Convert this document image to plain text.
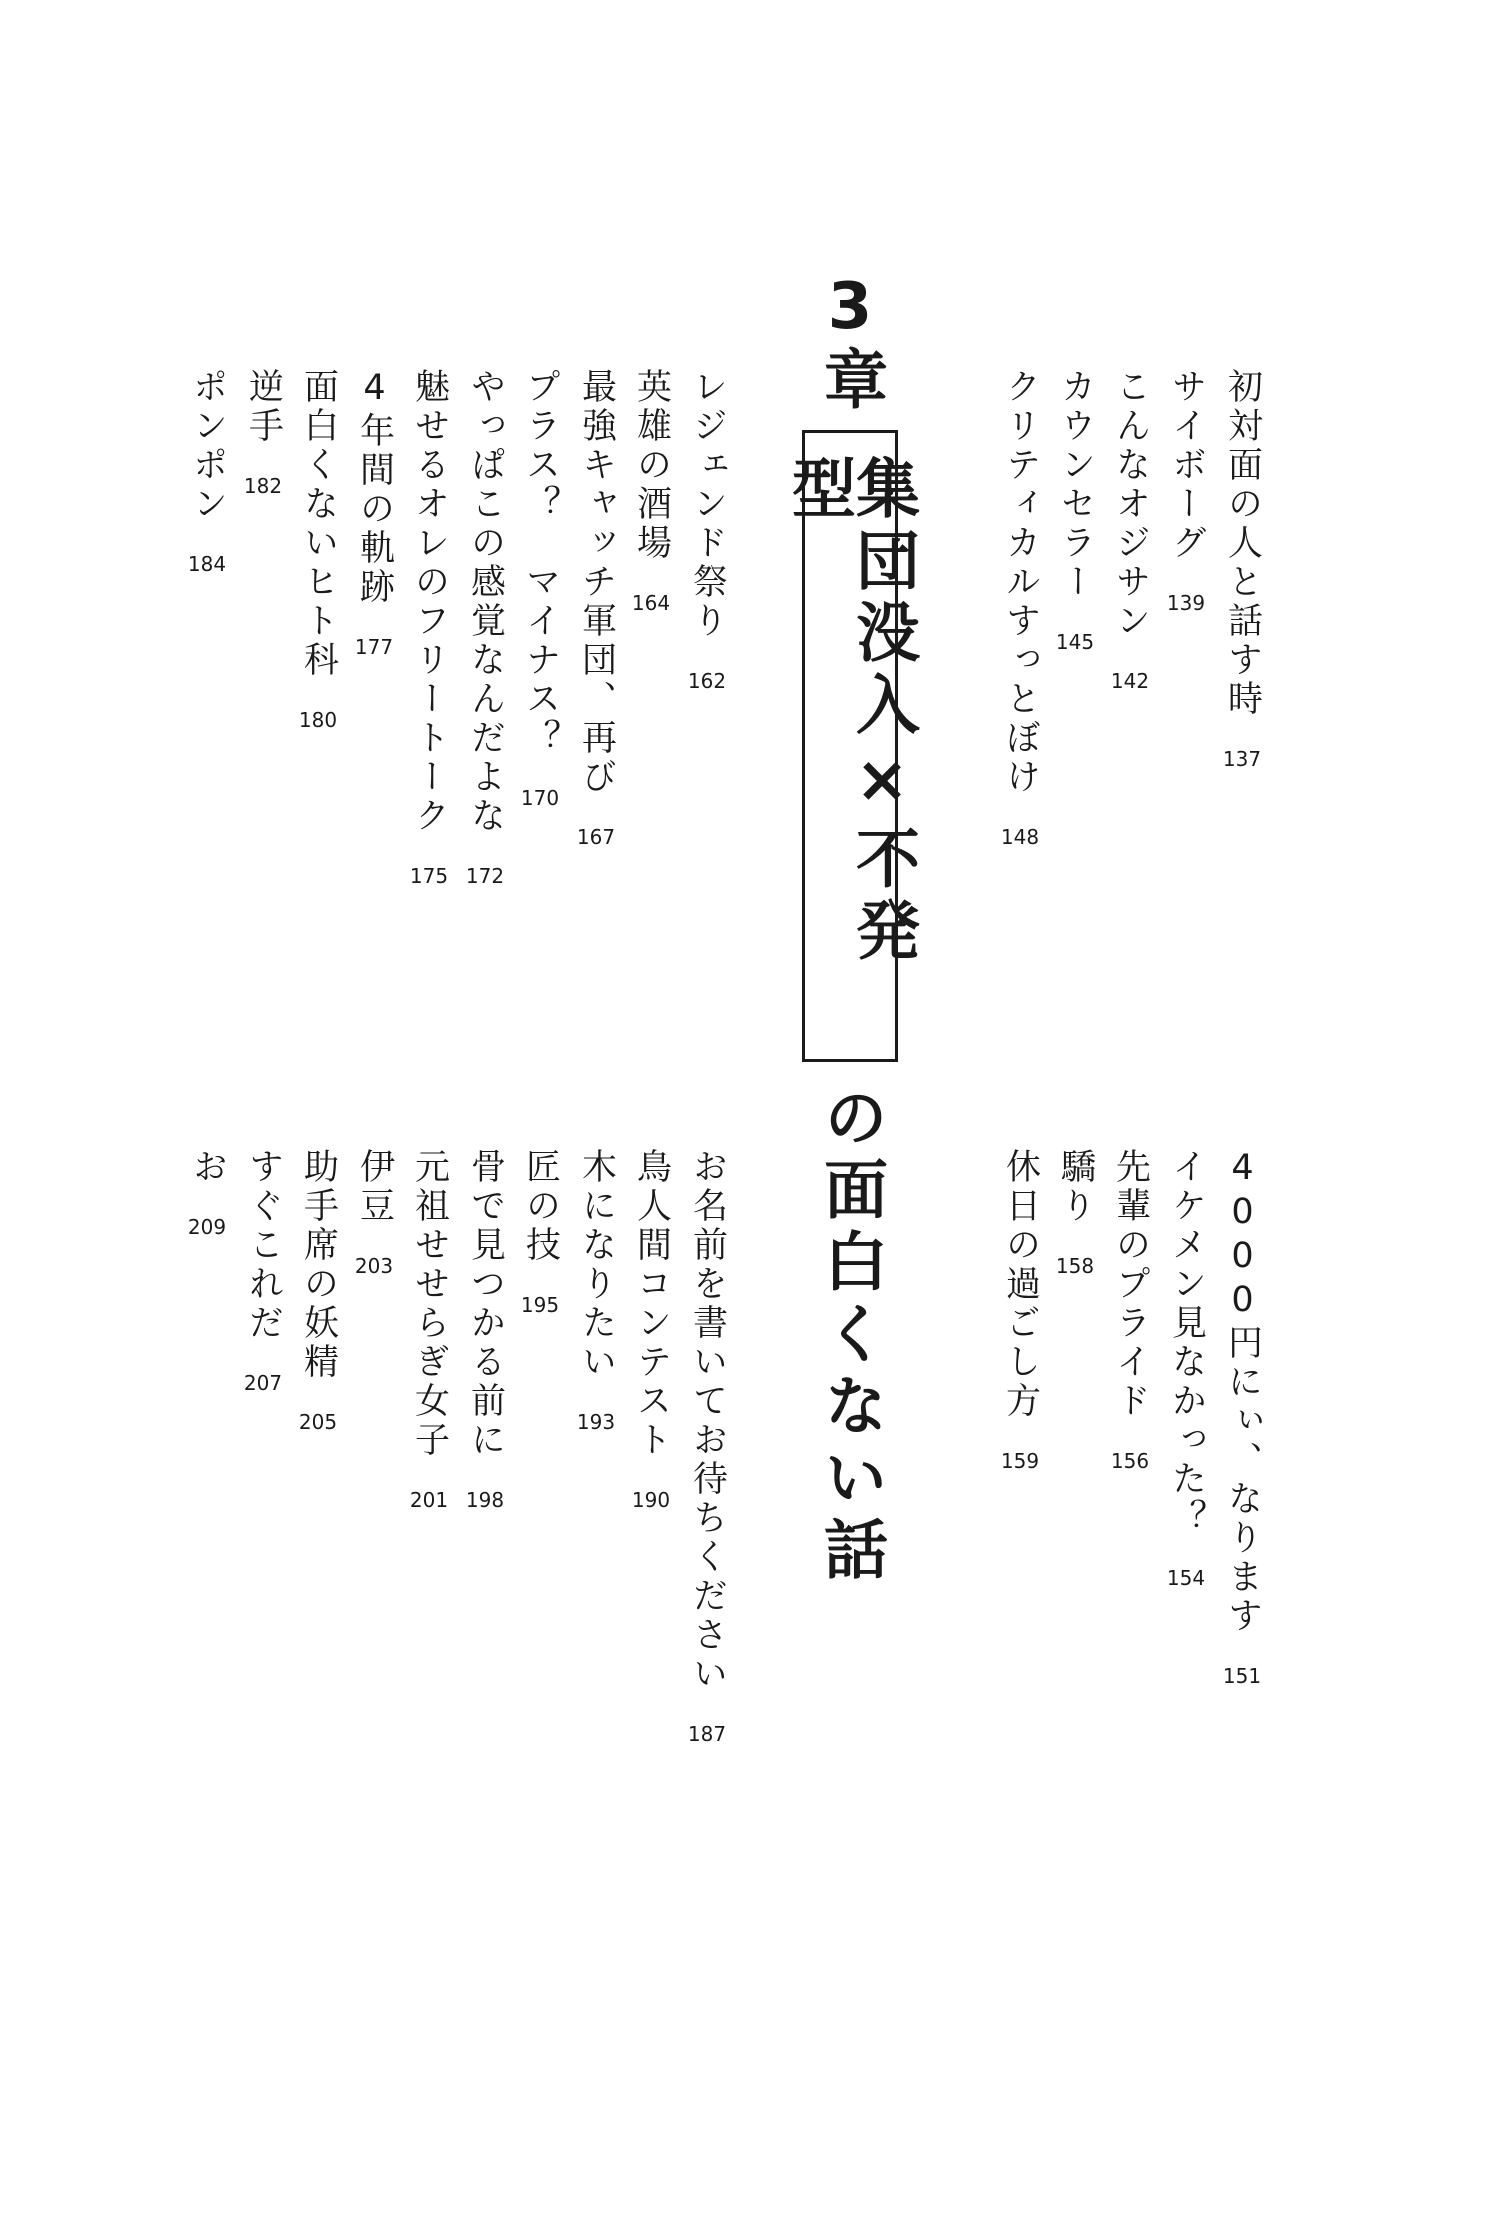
3章
集団没入×不発型
の面白くない話
初対面の人と話す時
137
サイボーグ
139
こんなオジサン
142
カウンセラー
145
クリティカルすっとぼけ
148
レジェンド祭り
162
英雄の酒場
164
最強キャッチ軍団、再び
167
プラス？　マイナス？
170
やっぱこの感覚なんだよな
172
魅せるオレのフリートーク
175
4年間の軌跡
177
面白くないヒト科
180
逆手
182
ポンポン
184
4000円にぃ、なります
151
イケメン見なかった？
154
先輩のプライド
156
驕り
158
休日の過ごし方
159
お名前を書いてお待ちください
187
鳥人間コンテスト
190
木になりたい
193
匠の技
195
骨で見つかる前に
198
元祖せせらぎ女子
201
伊豆
203
助手席の妖精
205
すぐこれだ
207
お
209
